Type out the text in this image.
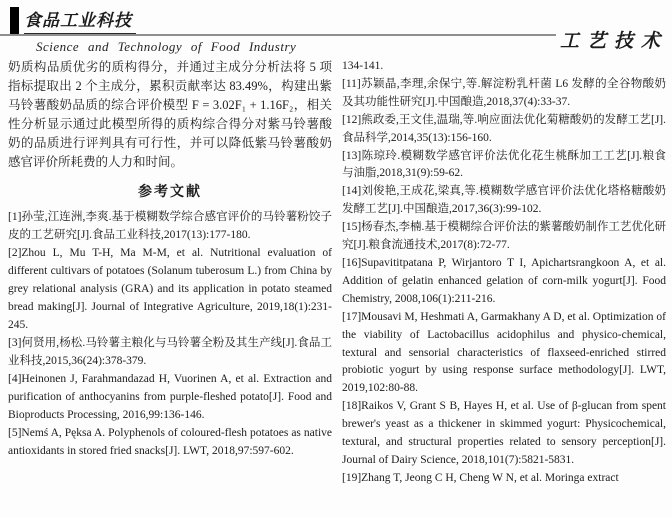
食品工业科技
Science and Technology of Food Industry	工艺技术

奶质构品质优劣的质构得分，并通过主成分分析法将 5 项指标提取出 2 个主成分，累积贡献率达 83.49%，构建出紫马铃薯酸奶品质的综合评价模型 F = 3.02F₁ + 1.16F₂，相关性分析显示通过此模型所得的质构综合得分对紫马铃薯酸奶的品质进行评判具有可行性，并可以降低紫马铃薯酸奶感官评价所耗费的人力和时间。

参考文献
[1]孙莹,江连洲,李爽.基于模糊数学综合感官评价的马铃薯粉饺子皮的工艺研究[J].食品工业科技,2017(13):177-180.
[2]Zhou L, Mu T-H, Ma M-M, et al. Nutritional evaluation of different cultivars of potatoes (Solanum tuberosum L.) from China by grey relational analysis (GRA) and its application in potato steamed bread making[J]. Journal of Integrative Agriculture, 2019,18(1):231-245.
[3]何贤用,杨松.马铃薯主粮化与马铃薯全粉及其生产线[J].食品工业科技,2015,36(24):378-379.
[4]Heinonen J, Farahmandazad H, Vuorinen A, et al. Extraction and purification of anthocyanins from purple-fleshed potato[J]. Food and Bioproducts Processing, 2016,99:136-146.
[5]Nemś A, Pęksa A. Polyphenols of coloured-flesh potatoes as native antioxidants in stored fried snacks[J]. LWT, 2018,97:597-602.
134-141.
[11]苏颖晶,李理,余保宁,等.解淀粉乳杆菌 L6 发酵的全谷物酸奶及其功能性研究[J].中国酿造,2018,37(4):33-37.
[12]熊政委,王文佳,温瑞,等.响应面法优化菊糖酸奶的发酵工艺[J].食品科学,2014,35(13):156-160.
[13]陈琼玲.模糊数学感官评价法优化花生桃酥加工工艺[J].粮食与油脂,2018,31(9):59-62.
[14]刘俊艳,王成花,梁真,等.模糊数学感官评价法优化塔格糖酸奶发酵工艺[J].中国酿造,2017,36(3):99-102.
[15]杨春杰,李楠.基于模糊综合评价法的紫薯酸奶制作工艺优化研究[J].粮食流通技术,2017(8):72-77.
[16]Supavititpatana P, Wirjantoro T I, Apichartsrangkoon A, et al. Addition of gelatin enhanced gelation of corn-milk yogurt[J]. Food Chemistry, 2008,106(1):211-216.
[17]Mousavi M, Heshmati A, Garmakhany A D, et al. Optimization of the viability of Lactobacillus acidophilus and physico-chemical, textural and sensorial characteristics of flaxseed-enriched stirred probiotic yogurt by using response surface methodology[J]. LWT, 2019,102:80-88.
[18]Raikos V, Grant S B, Hayes H, et al. Use of β-glucan from spent brewer's yeast as a thickener in skimmed yogurt: Physicochemical, textural, and structural properties related to sensory perception[J]. Journal of Dairy Science, 2018,101(7):5821-5831.
[19]Zhang T, Jeong C H, Cheng W N, et al. Moringa extract
